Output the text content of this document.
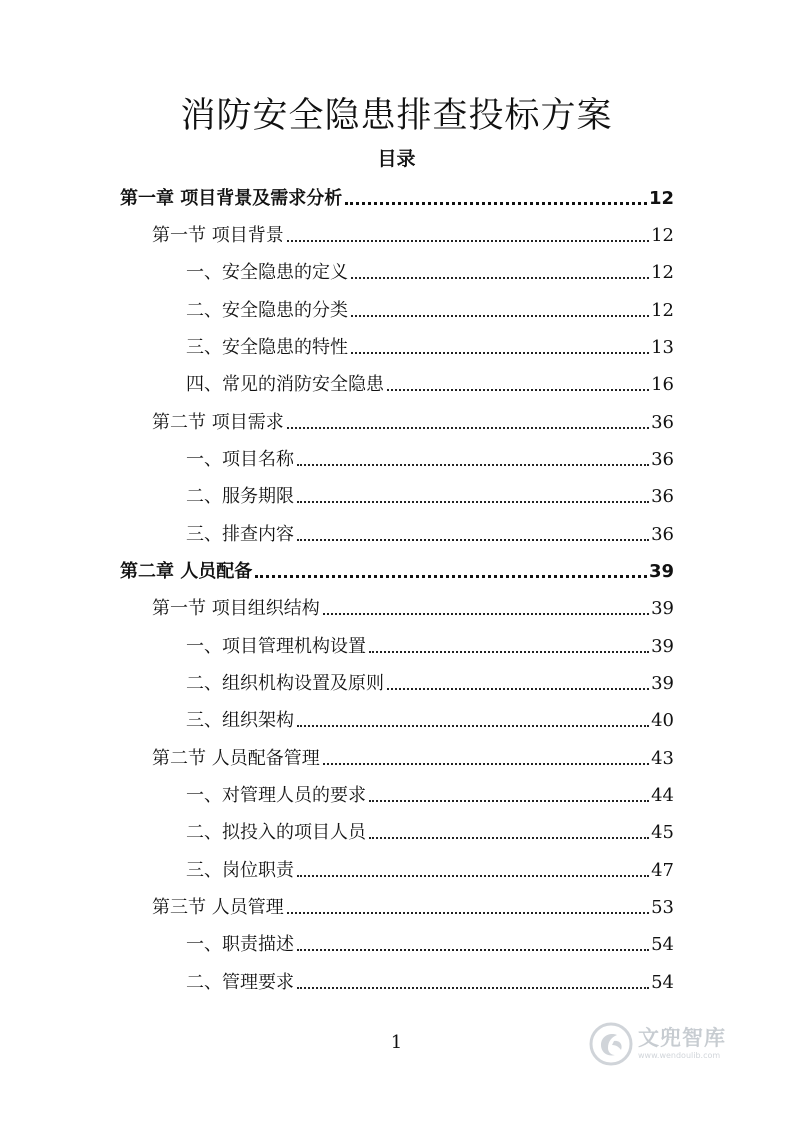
消防安全隐患排查投标方案
目录
第一章 项目背景及需求分析	12
第一节 项目背景	12
一、安全隐患的定义	12
二、安全隐患的分类	12
三、安全隐患的特性	13
四、常见的消防安全隐患	16
第二节 项目需求	36
一、项目名称	36
二、服务期限	36
三、排查内容	36
第二章 人员配备	39
第一节 项目组织结构	39
一、项目管理机构设置	39
二、组织机构设置及原则	39
三、组织架构	40
第二节 人员配备管理	43
一、对管理人员的要求	44
二、拟投入的项目人员	45
三、岗位职责	47
第三节 人员管理	53
一、职责描述	54
二、管理要求	54
1	文兜智库
www.wendoulib.com
